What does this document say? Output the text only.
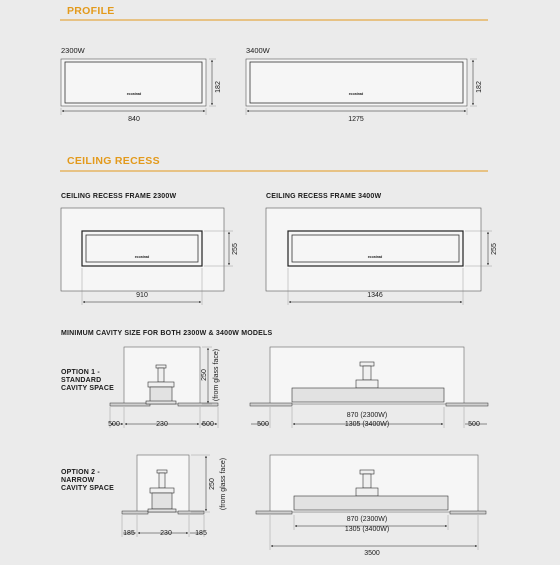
PROFILE
2300W
ecostrad
182
840
3400W
ecostrad
182
1275
CEILING RECESS
CEILING RECESS FRAME 2300W
ecostrad
255
910
CEILING RECESS FRAME 3400W
ecostrad
255
1346
MINIMUM CAVITY SIZE FOR BOTH 2300W & 3400W MODELS
OPTION 1 -
STANDARD
CAVITY SPACE
250 (from glass face)
500	230	500	500
870 (2300W)
1305 (3400W)	500
OPTION 2 -
NARROW
CAVITY SPACE	250 (from glass face)
185	230	185
870 (2300W)
1305 (3400W)
3500
